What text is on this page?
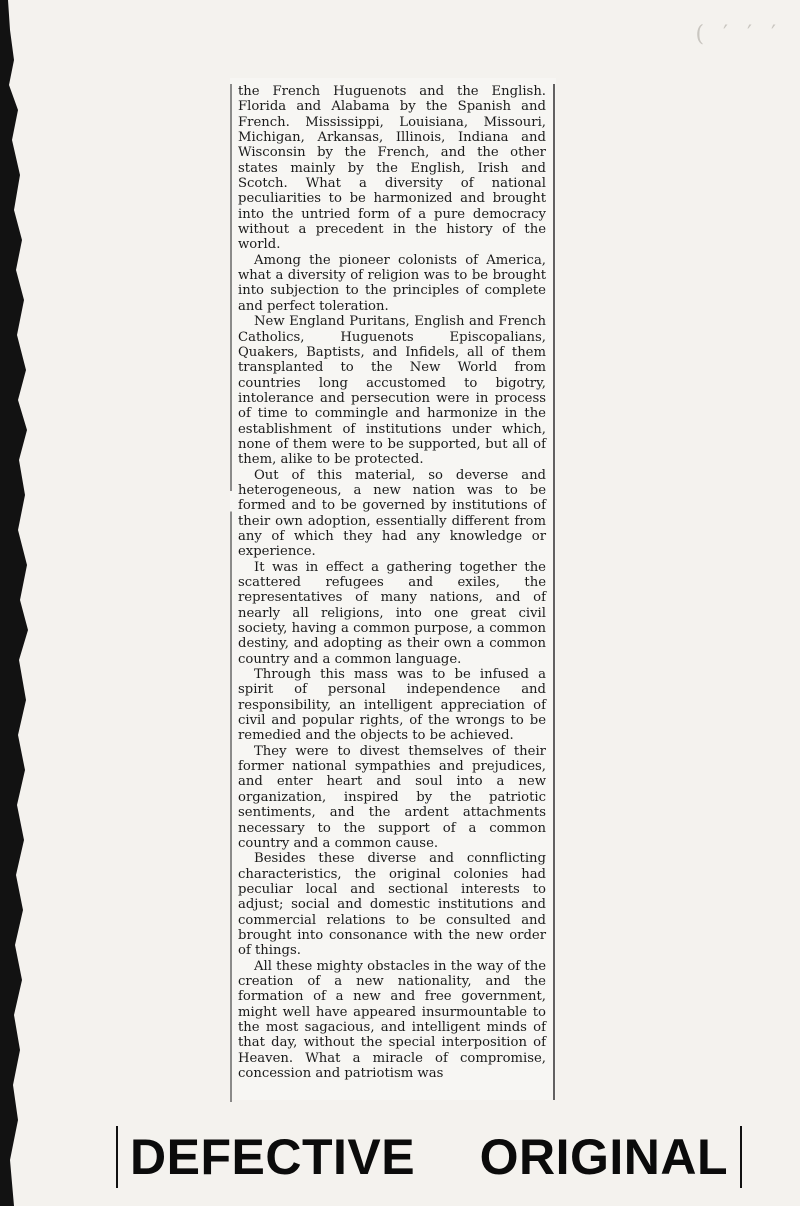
( ′ ′ ′

the French Huguenots and the English. Florida and Alabama by the Spanish and French. Mississippi, Louisiana, Missouri, Michigan, Arkansas, Illinois, Indiana and Wisconsin by the French, and the other states mainly by the English, Irish and Scotch. What a diversity of national peculiarities to be harmonized and brought into the untried form of a pure democracy without a precedent in the history of the world.

Among the pioneer colonists of America, what a diversity of religion was to be brought into subjection to the principles of complete and perfect toleration.

New England Puritans, English and French Catholics, Huguenots Episcopalians, Quakers, Baptists, and Infidels, all of them transplanted to the New World from countries long accustomed to bigotry, intolerance and persecution were in process of time to commingle and harmonize in the establishment of institutions under which, none of them were to be supported, but all of them, alike to be protected.

Out of this material, so deverse and heterogeneous, a new nation was to be formed and to be governed by institutions of their own adoption, essentially different from any of which they had any knowledge or experience.

It was in effect a gathering together the scattered refugees and exiles, the representatives of many nations, and of nearly all religions, into one great civil society, having a common purpose, a common destiny, and adopting as their own a common country and a common language.

Through this mass was to be infused a spirit of personal independence and responsibility, an intelligent appreciation of civil and popular rights, of the wrongs to be remedied and the objects to be achieved.

They were to divest themselves of their former national sympathies and prejudices, and enter heart and soul into a new organization, inspired by the patriotic sentiments, and the ardent attachments necessary to the support of a common country and a common cause.

Besides these diverse and connflicting characteristics, the original colonies had peculiar local and sectional interests to adjust; social and domestic institutions and commercial relations to be consulted and brought into consonance with the new order of things.

All these mighty obstacles in the way of the creation of a new nationality, and the formation of a new and free government, might well have appeared insurmountable to the most sagacious, and intelligent minds of that day, without the special interposition of Heaven. What a miracle of compromise, concession and patriotism was

DEFECTIVE ORIGINAL
